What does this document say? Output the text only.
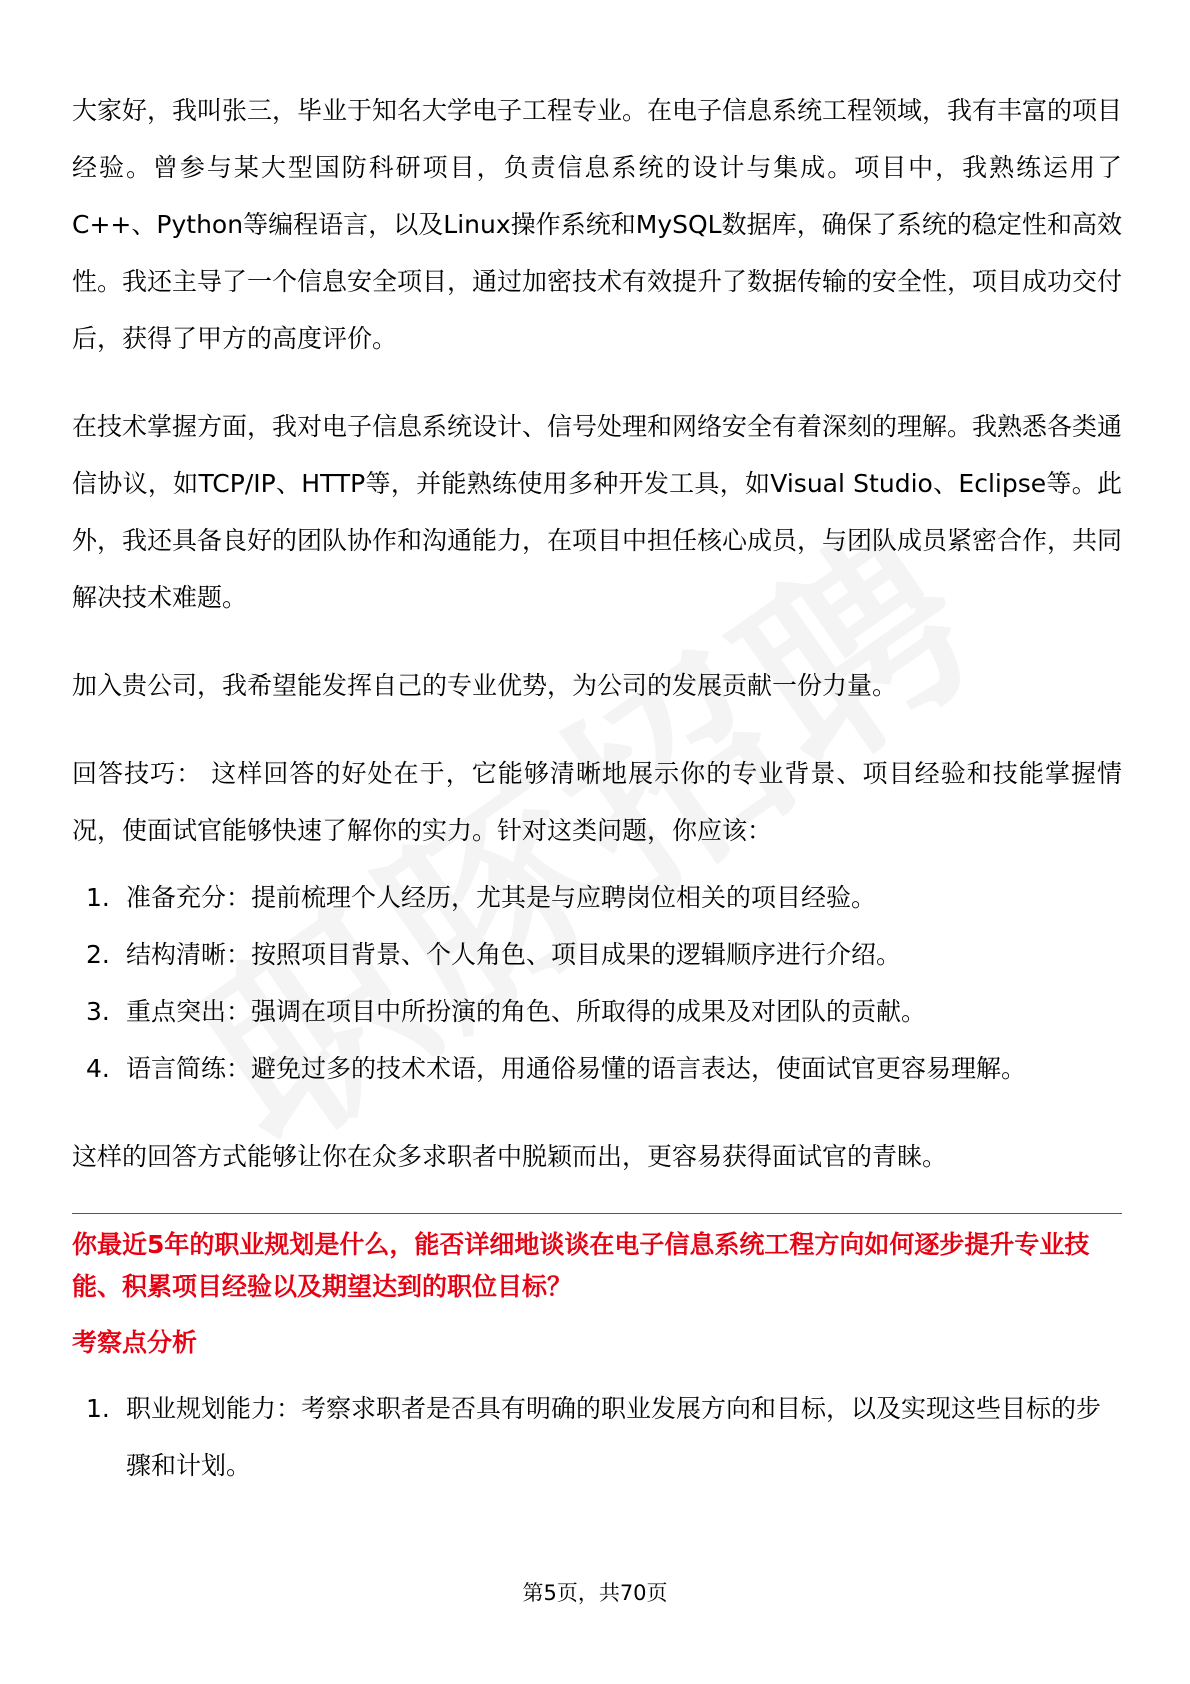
大家好，我叫张三，毕业于知名大学电子工程专业。在电子信息系统工程领域，我有丰富的项目经验。曾参与某大型国防科研项目，负责信息系统的设计与集成。项目中，我熟练运用了C++、Python等编程语言，以及Linux操作系统和MySQL数据库，确保了系统的稳定性和高效性。我还主导了一个信息安全项目，通过加密技术有效提升了数据传输的安全性，项目成功交付后，获得了甲方的高度评价。

在技术掌握方面，我对电子信息系统设计、信号处理和网络安全有着深刻的理解。我熟悉各类通信协议，如TCP/IP、HTTP等，并能熟练使用多种开发工具，如Visual Studio、Eclipse等。此外，我还具备良好的团队协作和沟通能力，在项目中担任核心成员，与团队成员紧密合作，共同解决技术难题。

加入贵公司，我希望能发挥自己的专业优势，为公司的发展贡献一份力量。

回答技巧： 这样回答的好处在于，它能够清晰地展示你的专业背景、项目经验和技能掌握情况，使面试官能够快速了解你的实力。针对这类问题，你应该：

1. 准备充分：提前梳理个人经历，尤其是与应聘岗位相关的项目经验。
2. 结构清晰：按照项目背景、个人角色、项目成果的逻辑顺序进行介绍。
3. 重点突出：强调在项目中所扮演的角色、所取得的成果及对团队的贡献。
4. 语言简练：避免过多的技术术语，用通俗易懂的语言表达，使面试官更容易理解。

这样的回答方式能够让你在众多求职者中脱颖而出，更容易获得面试官的青睐。

你最近5年的职业规划是什么，能否详细地谈谈在电子信息系统工程方向如何逐步提升专业技能、积累项目经验以及期望达到的职位目标？
考察点分析
1. 职业规划能力：考察求职者是否具有明确的职业发展方向和目标，以及实现这些目标的步骤和计划。
第5页，共70页
